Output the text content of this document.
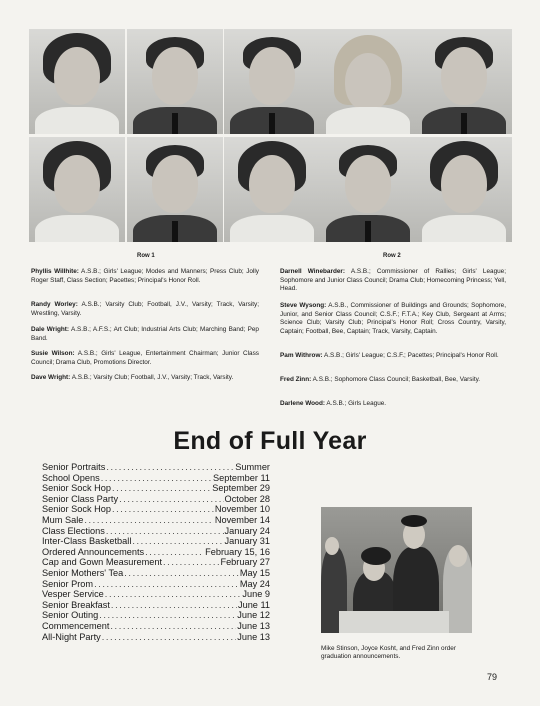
Row 1	Row 2
Phyllis Willhite: A.S.B.; Girls' League; Modes and Manners; Press Club; Jolly Roger Staff, Class Section; Pacettes; Principal's Honor Roll.
Randy Worley: A.S.B.; Varsity Club; Football, J.V., Varsity; Track, Varsity; Wrestling, Varsity.
Dale Wright: A.S.B.; A.F.S.; Art Club; Industrial Arts Club; Marching Band; Pep Band.
Susie Wilson: A.S.B.; Girls' League, Entertainment Chairman; Junior Class Council; Drama Club, Promotions Director.
Dave Wright: A.S.B.; Varsity Club; Football, J.V., Varsity; Track, Varsity.
Darnell Winebarder: A.S.B.; Commissioner of Rallies; Girls' League; Sophomore and Junior Class Council; Drama Club; Homecoming Princess; Yell, Head.
Steve Wysong: A.S.B., Commissioner of Buildings and Grounds; Sophomore, Junior, and Senior Class Council; C.S.F.; F.T.A.; Key Club, Sergeant at Arms; Science Club; Varsity Club; Principal's Honor Roll; Cross Country, Varsity, Captain; Football, Bee, Captain; Track, Varsity, Captain.
Pam Withrow: A.S.B.; Girls' League; C.S.F.; Pacettes; Principal's Honor Roll.
Fred Zinn: A.S.B.; Sophomore Class Council; Basketball, Bee, Varsity.
Darlene Wood: A.S.B.; Girls League.
End of Full Year
Senior Portraits .....	Summer
School Opens .....	September 11
Senior Sock Hop .....	September 29
Senior Class Party .....	October 28
Senior Sock Hop .....	November 10
Mum Sale .....	November 14
Class Elections .....	January 24
Inter-Class Basketball .....	January 31
Ordered Announcements .....	February 15, 16
Cap and Gown Measurement .....	February 27
Senior Mothers' Tea .....	May 15
Senior Prom .....	May 24
Vesper Service .....	June 9
Senior Breakfast .....	June 11
Senior Outing .....	June 12
Commencement .....	June 13
All-Night Party .....	June 13
Mike Stinson, Joyce Kosht, and Fred Zinn order graduation announcements.
79
